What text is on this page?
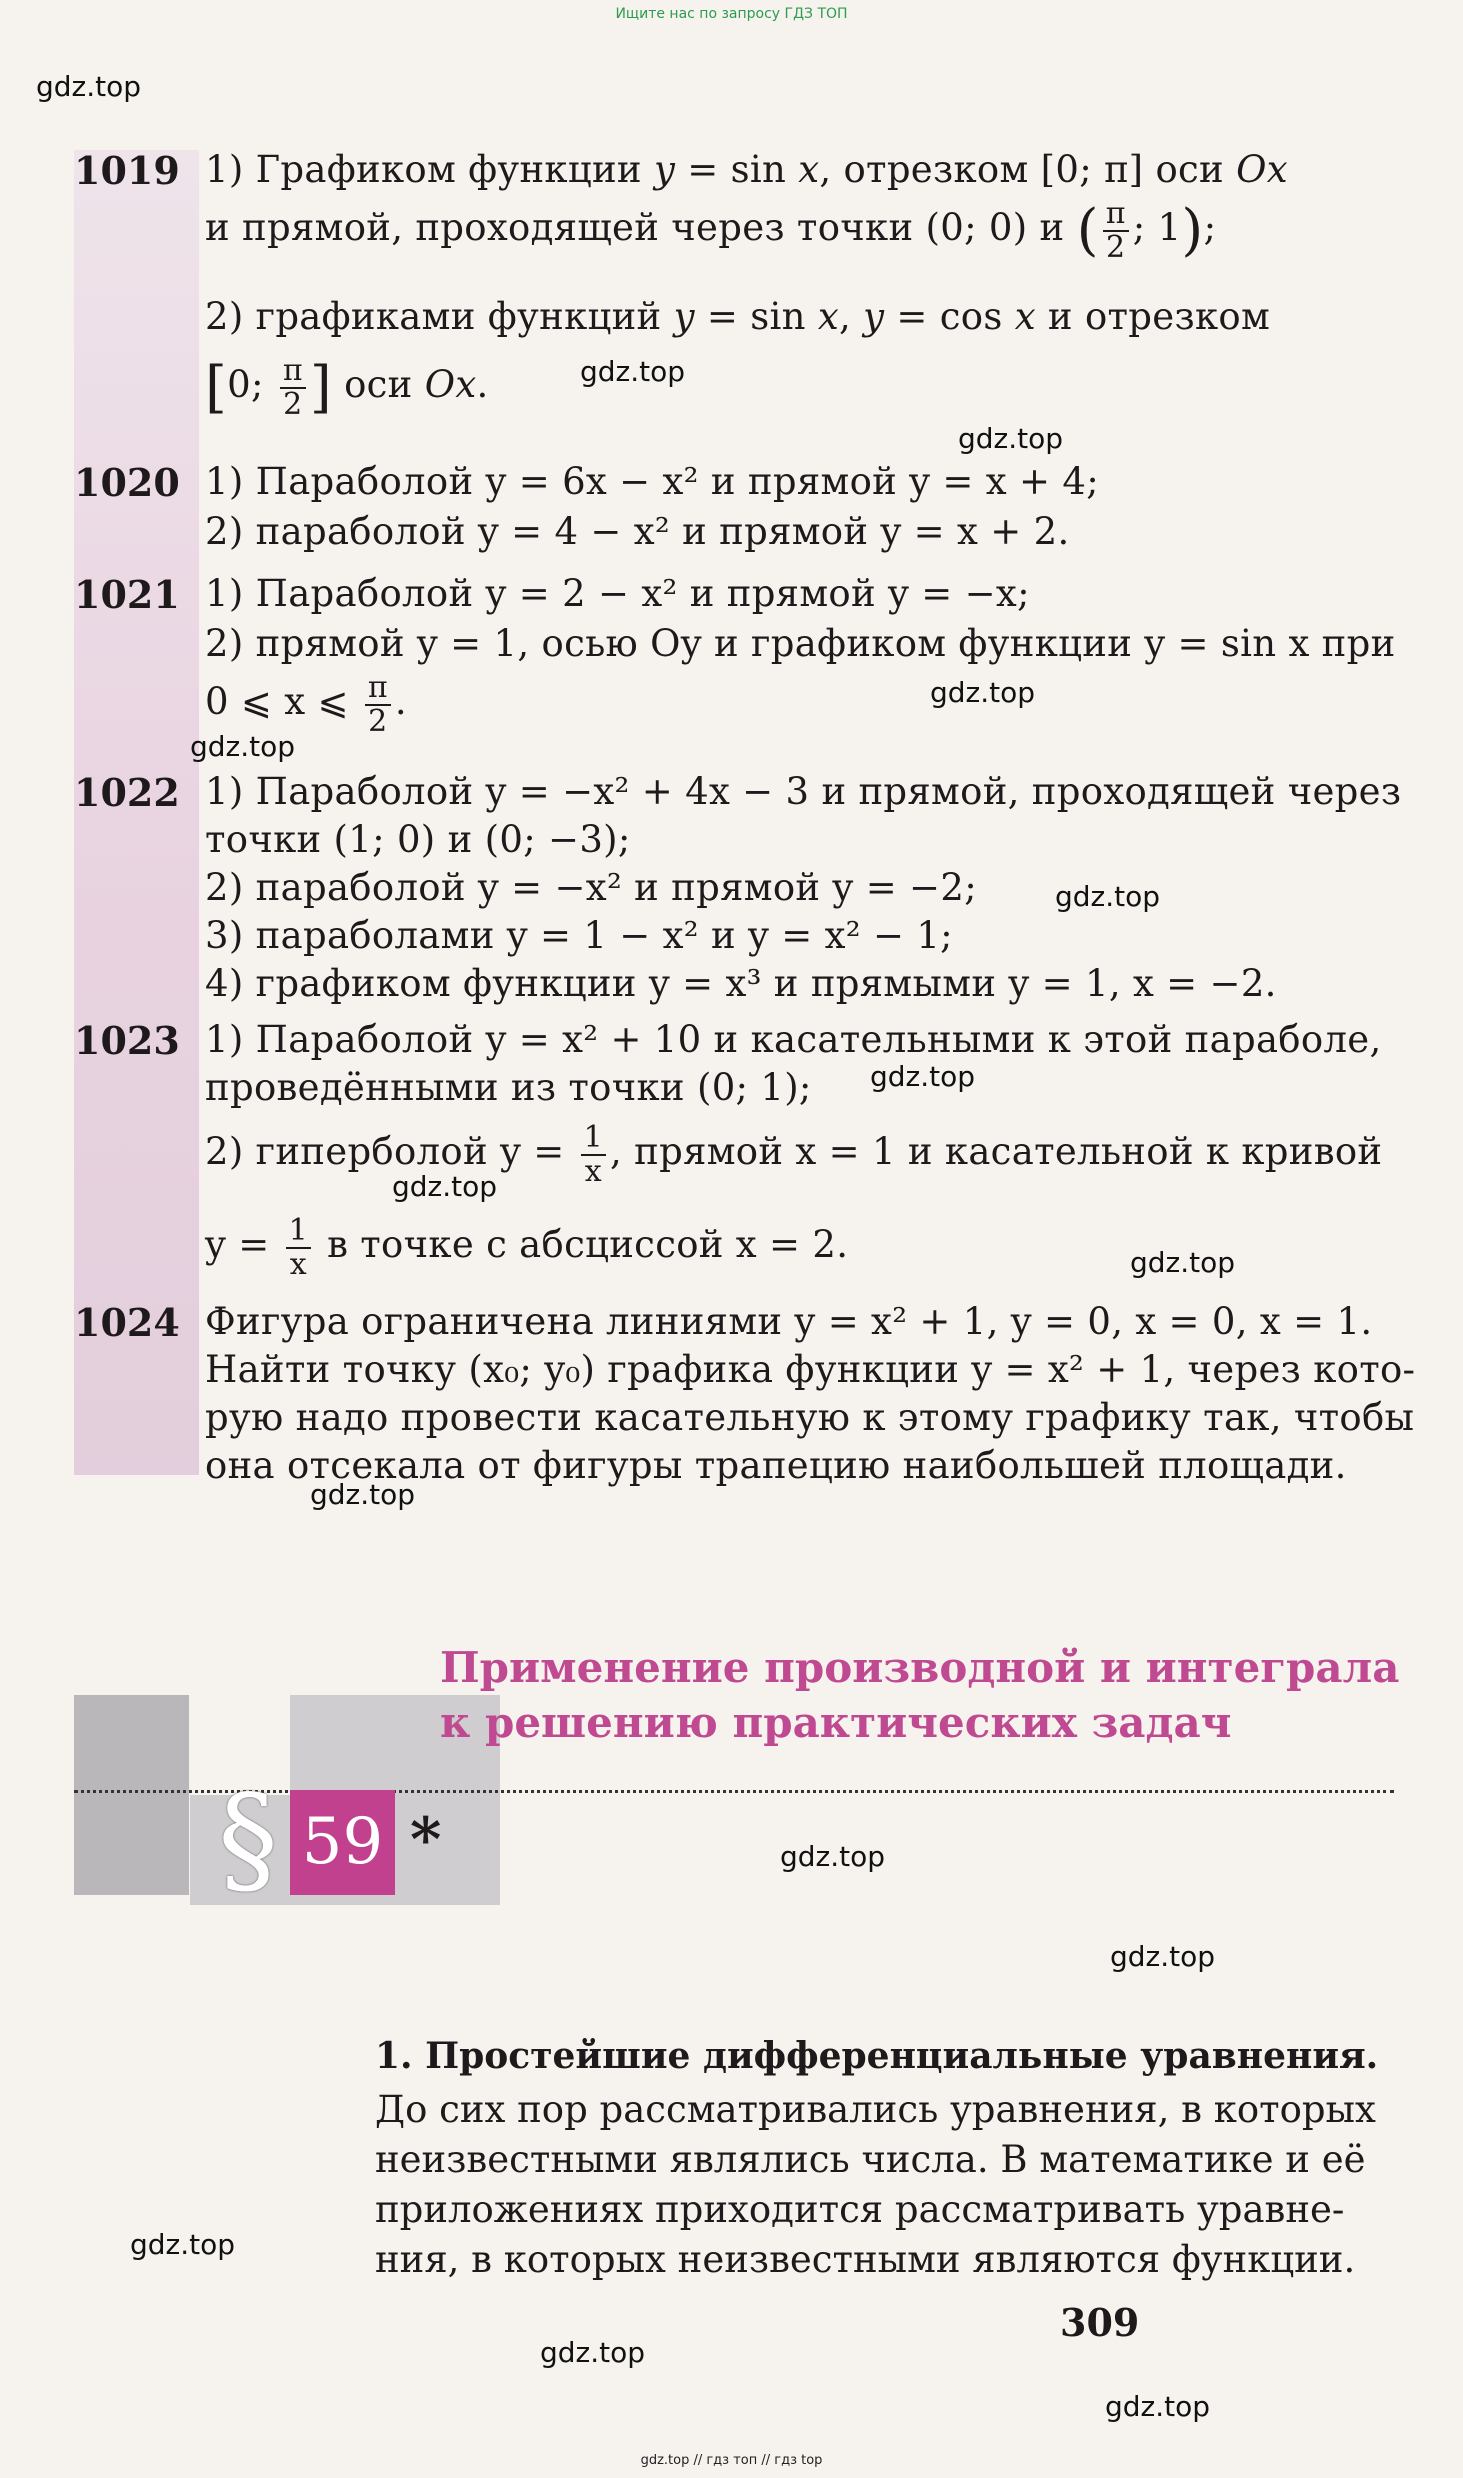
Ищите нас по запросу ГДЗ ТОП
gdz.top
gdz.top
gdz.top
gdz.top
gdz.top
gdz.top
gdz.top
gdz.top
gdz.top
gdz.top
gdz.top
gdz.top
gdz.top
gdz.top
gdz.top
1019 1) Графиком функции y = sin x, отрезком [0; π] оси Ox
и прямой, проходящей через точки (0; 0) и ( $\frac{\pi}{2}$ ; 1);
2) графиками функций y = sin x, y = cos x и отрезком
[0; $\frac{\pi}{2}$ ] оси Ox.
1020 1) Параболой y = 6x − x² и прямой y = x + 4;
2) параболой y = 4 − x² и прямой y = x + 2.
1021 1) Параболой y = 2 − x² и прямой y = −x;
2) прямой y = 1, осью Oy и графиком функции y = sin x при
0 ⩽ x ⩽ $\frac{\pi}{2}$ .
1022 1) Параболой y = −x² + 4x − 3 и прямой, проходящей через
точки (1; 0) и (0; −3);
2) параболой y = −x² и прямой y = −2;
3) параболами y = 1 − x² и y = x² − 1;
4) графиком функции y = x³ и прямыми y = 1, x = −2.
1023 1) Параболой y = x² + 10 и касательными к этой параболе,
проведёнными из точки (0; 1);
2) гиперболой $y = \frac{1}{x}$ , прямой x = 1 и касательной к кривой
$y = \frac{1}{x}$ в точке с абсциссой x = 2.
1024 Фигура ограничена линиями y = x² + 1, y = 0, x = 0, x = 1.
Найти точку (x₀; y₀) графика функции y = x² + 1, через кото-
рую надо провести касательную к этому графику так, чтобы
она отсекала от фигуры трапецию наибольшей площади.
Применение производной и интеграла
к решению практических задач
§ 59 *
1. Простейшие дифференциальные уравнения.
До сих пор рассматривались уравнения, в которых
неизвестными являлись числа. В математике и её
приложениях приходится рассматривать уравне-
ния, в которых неизвестными являются функции.
309
gdz.top // гдз топ // гдз top
